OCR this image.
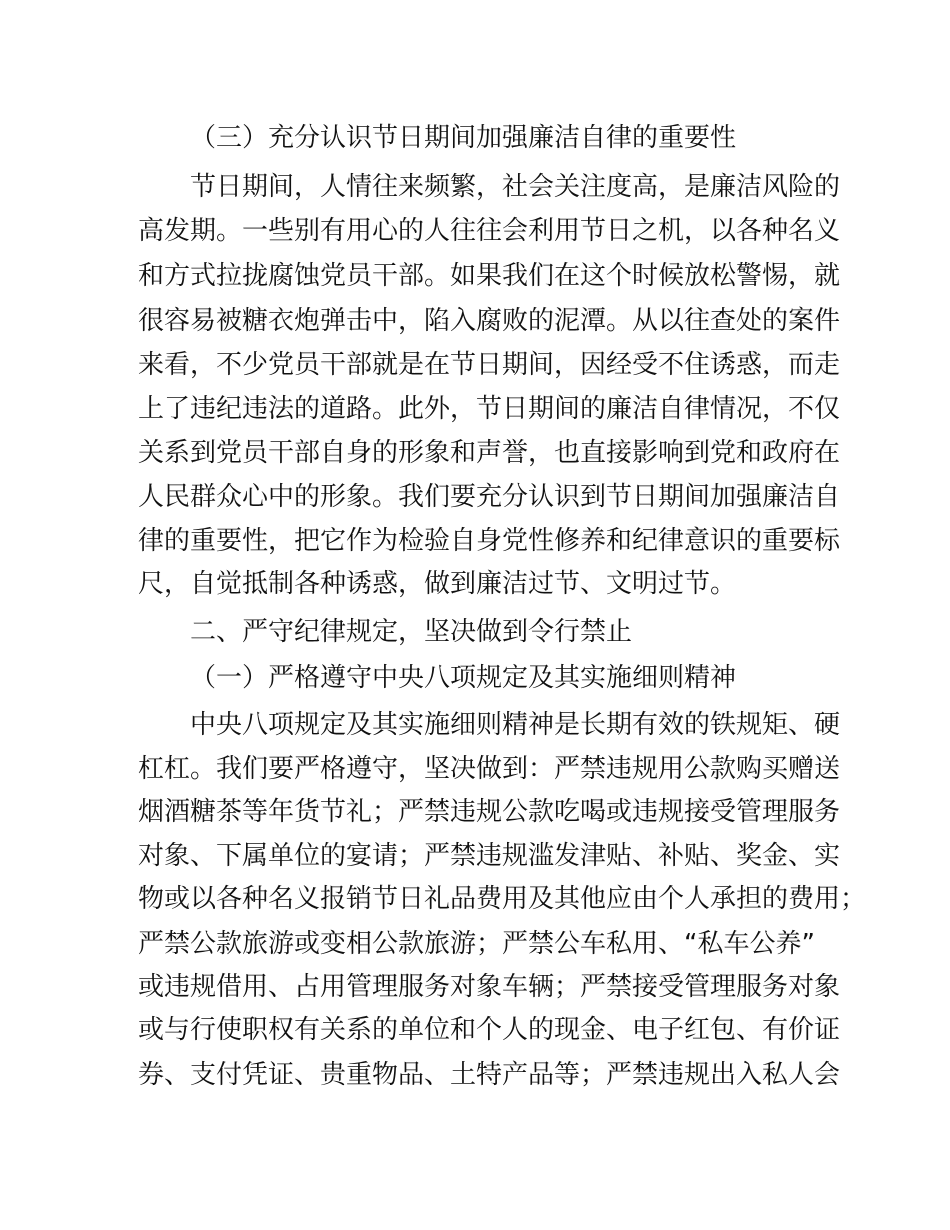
（三）充分认识节日期间加强廉洁自律的重要性
节日期间，人情往来频繁，社会关注度高，是廉洁风险的
高发期。一些别有用心的人往往会利用节日之机，以各种名义
和方式拉拢腐蚀党员干部。如果我们在这个时候放松警惕，就
很容易被糖衣炮弹击中，陷入腐败的泥潭。从以往查处的案件
来看，不少党员干部就是在节日期间，因经受不住诱惑，而走
上了违纪违法的道路。此外，节日期间的廉洁自律情况，不仅
关系到党员干部自身的形象和声誉，也直接影响到党和政府在
人民群众心中的形象。我们要充分认识到节日期间加强廉洁自
律的重要性，把它作为检验自身党性修养和纪律意识的重要标
尺，自觉抵制各种诱惑，做到廉洁过节、文明过节。
二、严守纪律规定，坚决做到令行禁止
（一）严格遵守中央八项规定及其实施细则精神
中央八项规定及其实施细则精神是长期有效的铁规矩、硬
杠杠。我们要严格遵守，坚决做到：严禁违规用公款购买赠送
烟酒糖茶等年货节礼；严禁违规公款吃喝或违规接受管理服务
对象、下属单位的宴请；严禁违规滥发津贴、补贴、奖金、实
物或以各种名义报销节日礼品费用及其他应由个人承担的费用；
严禁公款旅游或变相公款旅游；严禁公车私用、“私车公养”
或违规借用、占用管理服务对象车辆；严禁接受管理服务对象
或与行使职权有关系的单位和个人的现金、电子红包、有价证
券、支付凭证、贵重物品、土特产品等；严禁违规出入私人会
